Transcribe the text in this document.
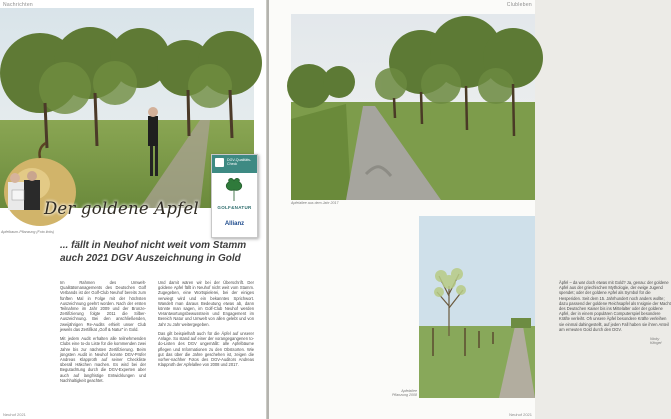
Nachrichten
Apfelbaum-Pflanzung (Foto links)
Der goldene Apfel
DGV-Qualitäts-Check
GOLF&NATUR
Allianz
... fällt in Neuhof nicht weit vom Stamm auch 2021 DGV Auszeichnung in Gold

Im Rahmen des Umwelt-Qualitätsmanagements des Deutschen Golf Verbands ist der Golf-Club Neuhof bereits zum fünften Mal in Folge mit der höchsten Auszeichnung geehrt worden. Nach der ersten Teilnahme im Jahr 2009 und der Bronze-Zertifizierung folgte 2011 die Silber-Auszeichnung. Bei den anschließenden, zweijährigen Re-Audits erhielt unser Club jeweils das Zertifikat „Golf & Natur“ in Gold.

Mit jedem Audit erhalten alle teilnehmenden Clubs eine to-do Liste für die kommenden zwei Jahre bis zur nächsten Zertifizierung. Beim jüngsten Audit in Neuhof konnte DGV-Prüfer Andreas Klapproth auf seiner Checkliste überall Häkchen machen. Es wird bei der Begutachtung durch die DGV-Experten aber auch auf langfristige Entwicklungen und Nachhaltigkeit geachtet.

Und damit wären wir bei der Überschrift. Der goldene Apfel fällt in Neuhof nicht weit vom Stamm. Zugegeben, eine Wortspielerei, bei der einiges verwiegt wird und ein bekanntes Sprichwort. Wandelt man daraus Bedeutung etwas ab, dann könnte man sagen, im Golf-Club Neuhof werden Verantwortungsbewusstsein und Engagement im Bereich Natur und Umwelt von allen gelebt und von Jahr zu Jahr weitergegeben.

Das gilt beispielhaft auch für die Äpfel auf unserer Anlage. So stand auf einer der vorangegangenen to-do-Listen des DGV ungemäßt: alle Apfelbäume pflegen und Informationen zu den Obstsorten. Wie gut das über die Jahre geschehen ist, zeigen die vorher-nachher Fotos des DGV-Auditors Andreas Klapproth der Apfelallee von 2008 und 2017.

Neuhof 2021
Clubleben
Apfelallee aus dem Jahr 2017
Äpfel – da war doch etwas mit Gold? Ja, genau: der goldene Apfel aus der griechischen Mythologie, der ewige Jugend spendet; oder der goldene Apfel als Symbol für die Hesperiden. Seit dem 15. Jahrhundert noch anders wollte; dazu passend der goldene Reichsapfel als Insignie der Macht des Deutschen Kaiser bis ins Mittelalter oder der goldene Apfel, der in einem populären Computerspiel besondere Kräfte verleiht. Oh unsere Äpfel besondere Kräfte verleihen sie einmal dahingestellt, auf jeden Fall haben sie ihren Anteil am erneuten Gold durch den DGV.
Nicky Klingel
Apfelallee Pflanzung 2008
Neuhof 2021
